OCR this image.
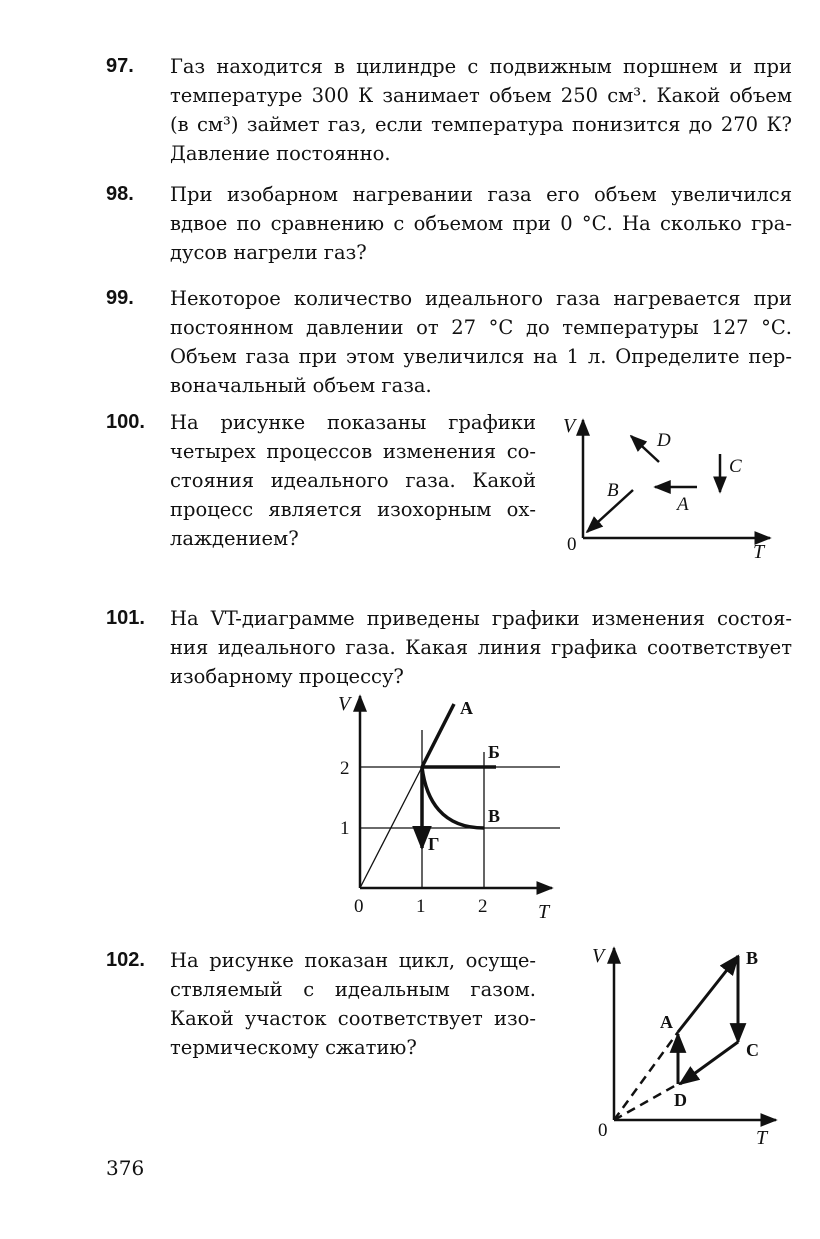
97. Газ находится в цилиндре с подвижным поршнем и при
температуре 300 К занимает объем 250 см³. Какой объем
(в см³) займет газ, если температура понизится до 270 К?
Давление постоянно.
98. При изобарном нагревании газа его объем увеличился
вдвое по сравнению с объемом при 0 °С. На сколько гра-
дусов нагрели газ?
99. Некоторое количество идеального газа нагревается при
постоянном давлении от 27 °С до температуры 127 °С.
Объем газа при этом увеличился на 1 л. Определите пер-
воначальный объем газа.
100. На рисунке показаны графики
четырех процессов изменения со-
стояния идеального газа. Какой
процесс является изохорным ох-
лаждением?
V
T
0
D
C
B
A
101. На VT-диаграмме приведены графики изменения состоя-
ния идеального газа. Какая линия графика соответствует
изобарному процессу?
V
T
0
1
2
1	2
А
Б
В
Г
102. На рисунке показан цикл, осуще-
ствляемый с идеальным газом.
Какой участок соответствует изо-
термическому сжатию?
V
T
0
A
B
C
D
376
